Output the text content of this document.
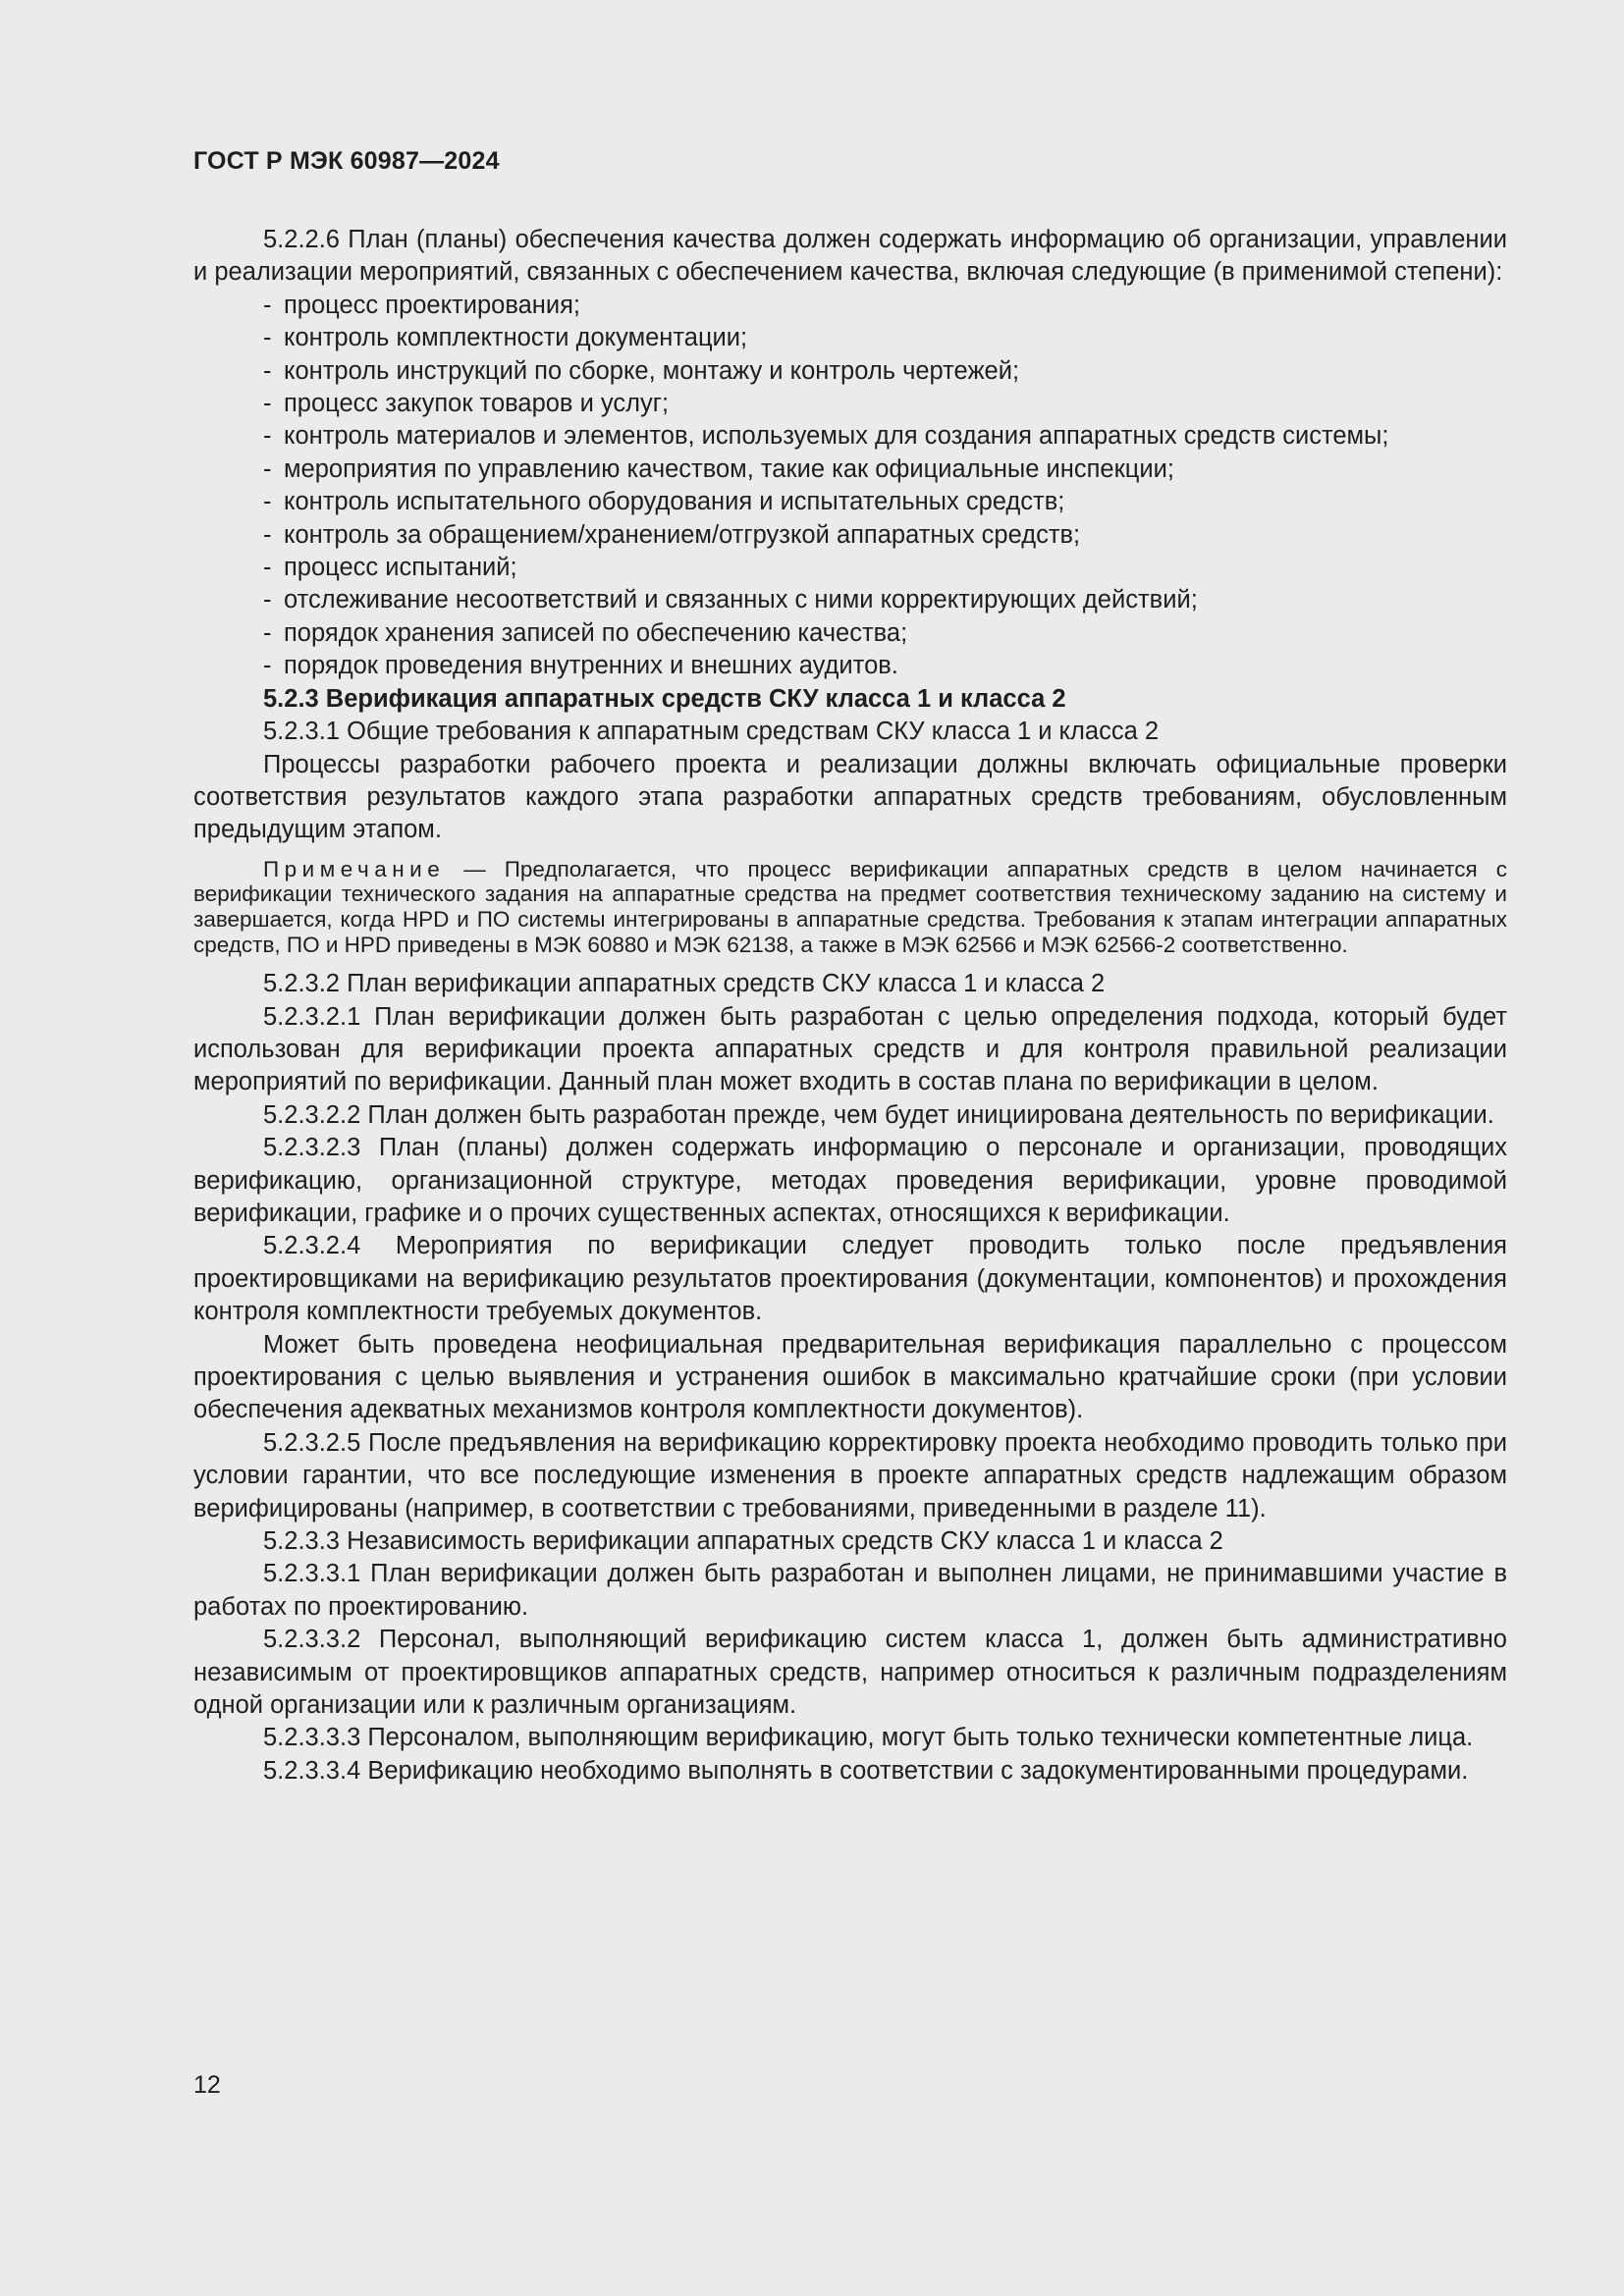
ГОСТ Р МЭК 60987—2024

5.2.2.6 План (планы) обеспечения качества должен содержать информацию об организации, управлении и реализации мероприятий, связанных с обеспечением качества, включая следующие (в применимой степени):

- процесс проектирования;
- контроль комплектности документации;
- контроль инструкций по сборке, монтажу и контроль чертежей;
- процесс закупок товаров и услуг;
- контроль материалов и элементов, используемых для создания аппаратных средств системы;
- мероприятия по управлению качеством, такие как официальные инспекции;
- контроль испытательного оборудования и испытательных средств;
- контроль за обращением/хранением/отгрузкой аппаратных средств;
- процесс испытаний;
- отслеживание несоответствий и связанных с ними корректирующих действий;
- порядок хранения записей по обеспечению качества;
- порядок проведения внутренних и внешних аудитов.

5.2.3 Верификация аппаратных средств СКУ класса 1 и класса 2

5.2.3.1 Общие требования к аппаратным средствам СКУ класса 1 и класса 2

Процессы разработки рабочего проекта и реализации должны включать официальные проверки соответствия результатов каждого этапа разработки аппаратных средств требованиям, обусловленным предыдущим этапом.

Примечание — Предполагается, что процесс верификации аппаратных средств в целом начинается с верификации технического задания на аппаратные средства на предмет соответствия техническому заданию на систему и завершается, когда HPD и ПО системы интегрированы в аппаратные средства. Требования к этапам интеграции аппаратных средств, ПО и HPD приведены в МЭК 60880 и МЭК 62138, а также в МЭК 62566 и МЭК 62566-2 соответственно.

5.2.3.2 План верификации аппаратных средств СКУ класса 1 и класса 2

5.2.3.2.1 План верификации должен быть разработан с целью определения подхода, который будет использован для верификации проекта аппаратных средств и для контроля правильной реализации мероприятий по верификации. Данный план может входить в состав плана по верификации в целом.

5.2.3.2.2 План должен быть разработан прежде, чем будет инициирована деятельность по верификации.

5.2.3.2.3 План (планы) должен содержать информацию о персонале и организации, проводящих верификацию, организационной структуре, методах проведения верификации, уровне проводимой верификации, графике и о прочих существенных аспектах, относящихся к верификации.

5.2.3.2.4 Мероприятия по верификации следует проводить только после предъявления проектировщиками на верификацию результатов проектирования (документации, компонентов) и прохождения контроля комплектности требуемых документов.

Может быть проведена неофициальная предварительная верификация параллельно с процессом проектирования с целью выявления и устранения ошибок в максимально кратчайшие сроки (при условии обеспечения адекватных механизмов контроля комплектности документов).

5.2.3.2.5 После предъявления на верификацию корректировку проекта необходимо проводить только при условии гарантии, что все последующие изменения в проекте аппаратных средств надлежащим образом верифицированы (например, в соответствии с требованиями, приведенными в разделе 11).

5.2.3.3 Независимость верификации аппаратных средств СКУ класса 1 и класса 2

5.2.3.3.1 План верификации должен быть разработан и выполнен лицами, не принимавшими участие в работах по проектированию.

5.2.3.3.2 Персонал, выполняющий верификацию систем класса 1, должен быть административно независимым от проектировщиков аппаратных средств, например относиться к различным подразделениям одной организации или к различным организациям.

5.2.3.3.3 Персоналом, выполняющим верификацию, могут быть только технически компетентные лица.

5.2.3.3.4 Верификацию необходимо выполнять в соответствии с задокументированными процедурами.

12
